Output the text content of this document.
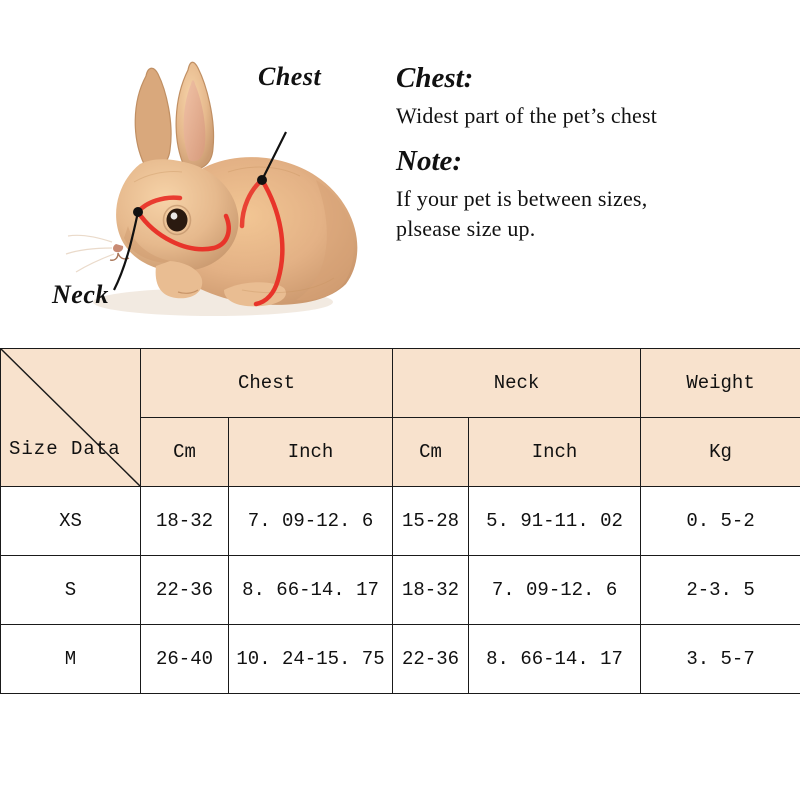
Chest
Neck

Chest:

Widest part of the pet’s chest

Note:

If your pet is between sizes,

plsease size up.

Size Data	Chest		Neck		Weight
	Cm	Inch	Cm	Inch	Kg
XS	18-32	7. 09-12. 6	15-28	5. 91-11. 02	0. 5-2
S	22-36	8. 66-14. 17	18-32	7. 09-12. 6	2-3. 5
M	26-40	10. 24-15. 75	22-36	8. 66-14. 17	3. 5-7
